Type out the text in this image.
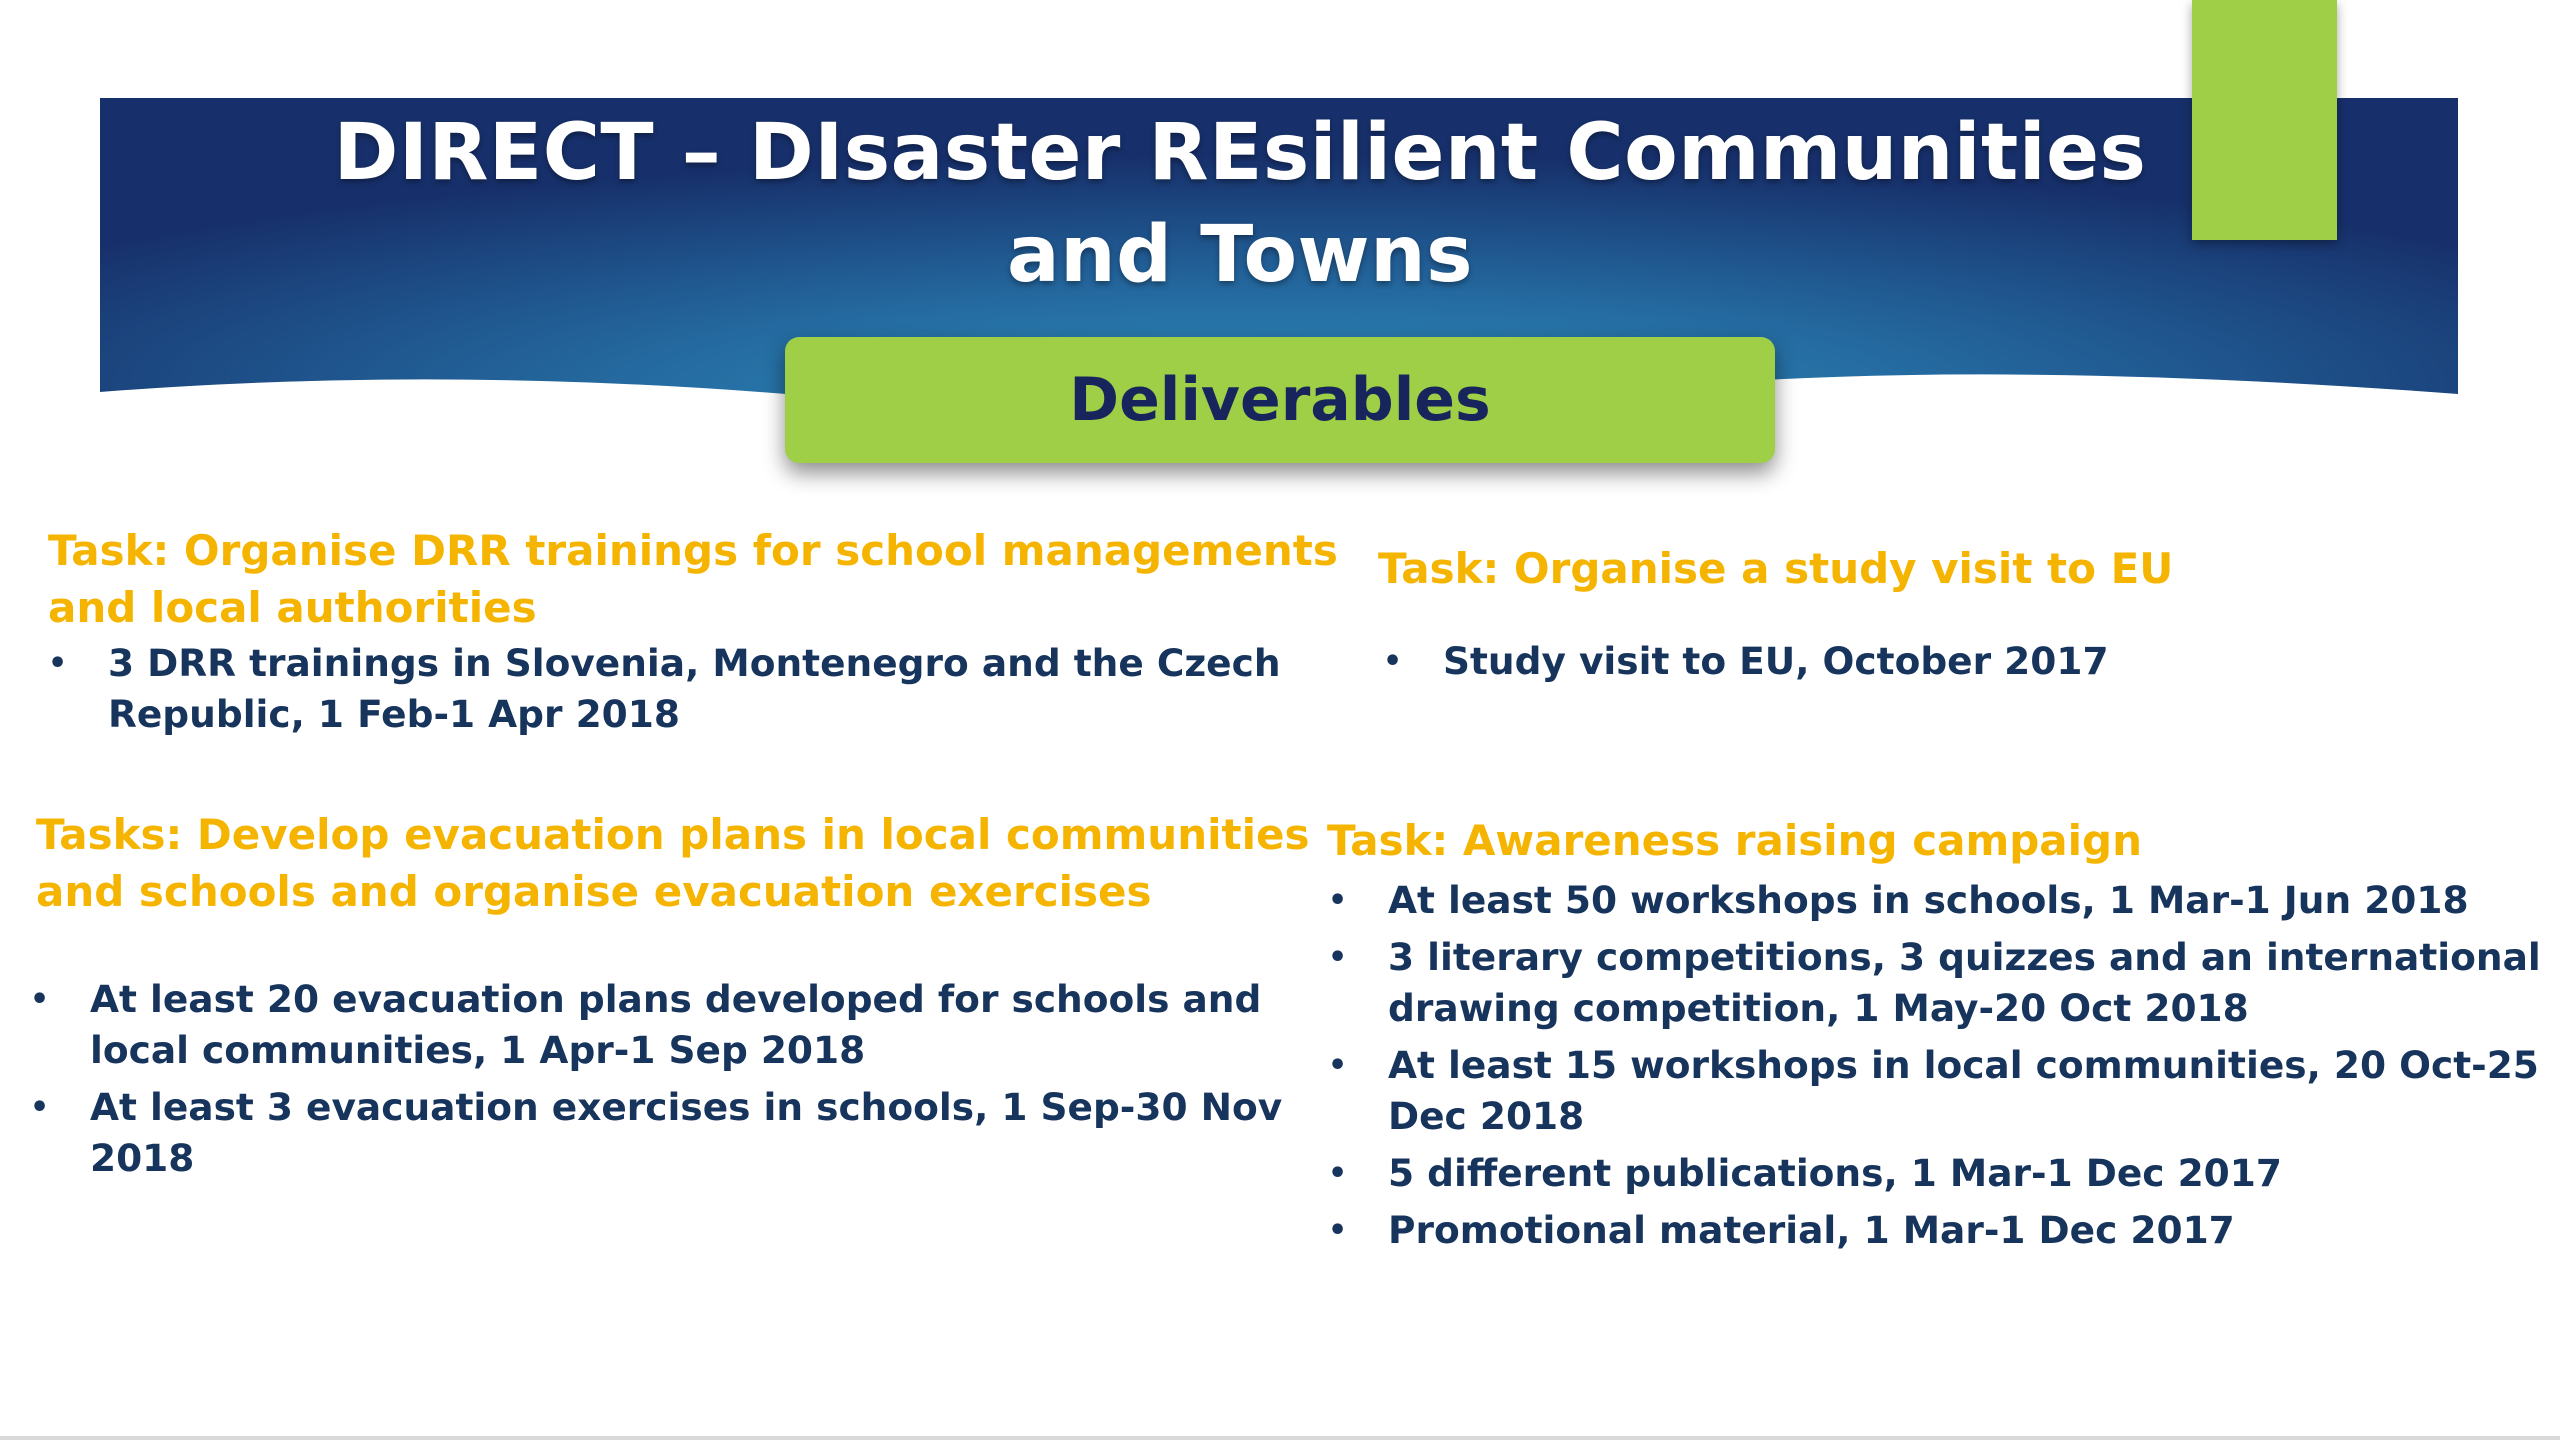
DIRECT – DIsaster REsilient Communities and Towns
Deliverables
Task: Organise DRR trainings for school managements and local authorities
• 3 DRR trainings in Slovenia, Montenegro and the Czech Republic, 1 Feb-1 Apr 2018
Task: Organise a study visit to EU
• Study visit to EU, October 2017
Tasks: Develop evacuation plans in local communities and schools and organise evacuation exercises
• At least 20 evacuation plans developed for schools and local communities, 1 Apr-1 Sep 2018
• At least 3 evacuation exercises in schools, 1 Sep-30 Nov 2018
Task: Awareness raising campaign
• At least 50 workshops in schools, 1 Mar-1 Jun 2018
• 3 literary competitions, 3 quizzes and an international drawing competition, 1 May-20 Oct 2018
• At least 15 workshops in local communities, 20 Oct-25 Dec 2018
• 5 different publications, 1 Mar-1 Dec 2017
• Promotional material, 1 Mar-1 Dec 2017
